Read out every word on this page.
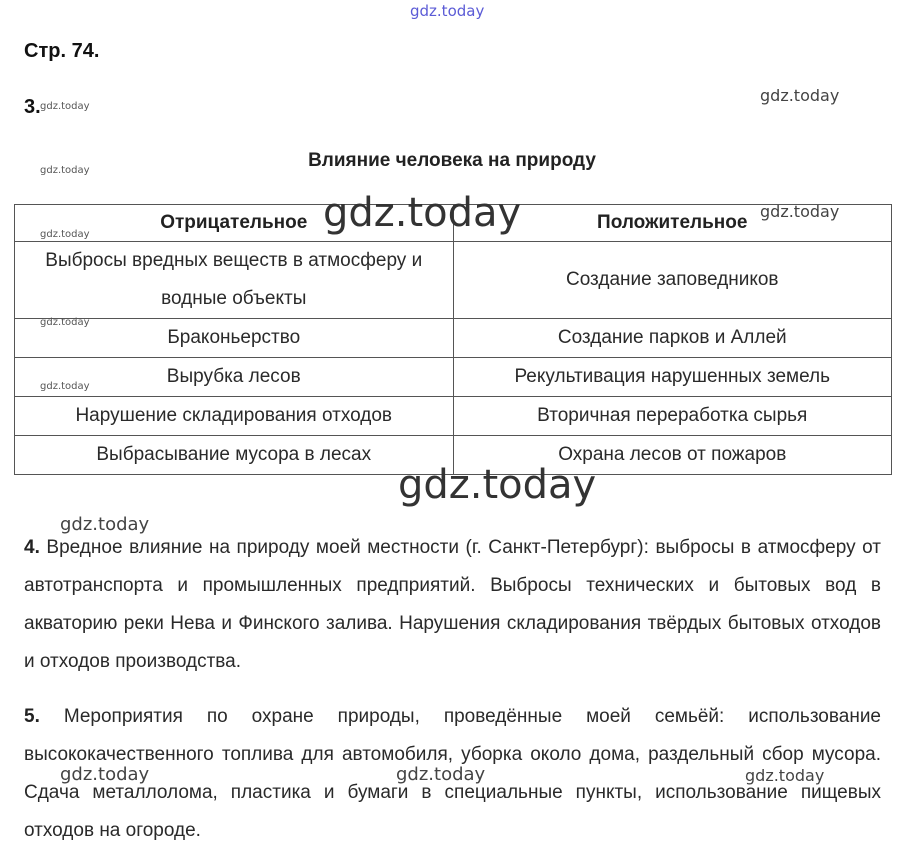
Стр. 74.
3.
Влияние человека на природу
Отрицательное	Положительное
Выбросы вредных веществ в атмосферу и водные объекты	Создание заповедников
Браконьерство	Создание парков и Аллей
Вырубка лесов	Рекультивация нарушенных земель
Нарушение складирования отходов	Вторичная переработка сырья
Выбрасывание мусора в лесах	Охрана лесов от пожаров
4. Вредное влияние на природу моей местности (г. Санкт-Петербург): выбросы в атмосферу от автотранспорта и промышленных предприятий. Выбросы технических и бытовых вод в акваторию реки Нева и Финского залива. Нарушения складирования твёрдых бытовых отходов и отходов производства.
5. Мероприятия по охране природы, проведённые моей семьёй: использование высококачественного топлива для автомобиля, уборка около дома, раздельный сбор мусора. Сдача металлолома, пластика и бумаги в специальные пункты, использование пищевых отходов на огороде.
gdz.today
gdz.today
gdz.today
gdz.today
gdz.today
gdz.today
gdz.today
gdz.today
gdz.today
gdz.today
gdz.today
gdz.today	gdz.today	gdz.today
